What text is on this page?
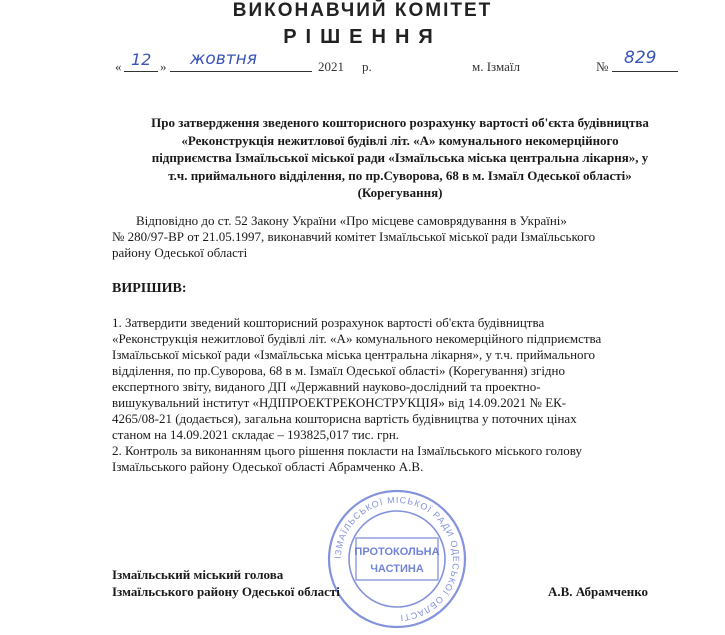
ВИКОНАВЧИЙ КОМІТЕТ
РІШЕННЯ
« 12 » жовтня	2021 р.	м. Ізмаїл	№ 829
Про затвердження зведеного кошторисного розрахунку вартості об'єкта будівництва
«Реконструкція нежитлової будівлі літ. «А» комунального некомерційного
підприємства Ізмаїльської міської ради «Ізмаїльська міська центральна лікарня», у
т.ч. приймального відділення, по пр.Суворова, 68 в м. Ізмаїл Одеської області»
(Корегування)
Відповідно до ст. 52 Закону України «Про місцеве самоврядування в Україні»
№ 280/97-ВР от 21.05.1997, виконавчий комітет Ізмаїльської міської ради Ізмаїльського
району Одеської області
ВИРІШИВ:
1. Затвердити зведений кошторисний розрахунок вартості об'єкта будівництва
«Реконструкція нежитлової будівлі літ. «А» комунального некомерційного підприємства
Ізмаїльської міської ради «Ізмаїльська міська центральна лікарня», у т.ч. приймального
відділення, по пр.Суворова, 68 в м. Ізмаїл Одеської області» (Корегування) згідно
експертного звіту, виданого ДП «Державний науково-дослідний та проектно-
вишукувальний інститут «НДІПРОЕКТРЕКОНСТРУКЦІЯ» від 14.09.2021 № ЕК-
4265/08-21 (додається), загальна кошторисна вартість будівництва у поточних цінах
станом на 14.09.2021 складає – 193825,017 тис. грн.
2. Контроль за виконанням цього рішення покласти на Ізмаїльського міського голову
Ізмаїльського району Одеської області Абрамченко А.В.
ІЗМАЇЛЬСЬКОЇ МІСЬКОЇ РАДИ ОДЕСЬКОЇ ОБЛАСТІ
ПРОТОКОЛЬНА
ЧАСТИНА
Ізмаїльський міський голова
Ізмаїльського району Одеської області	А.В. Абрамченко
